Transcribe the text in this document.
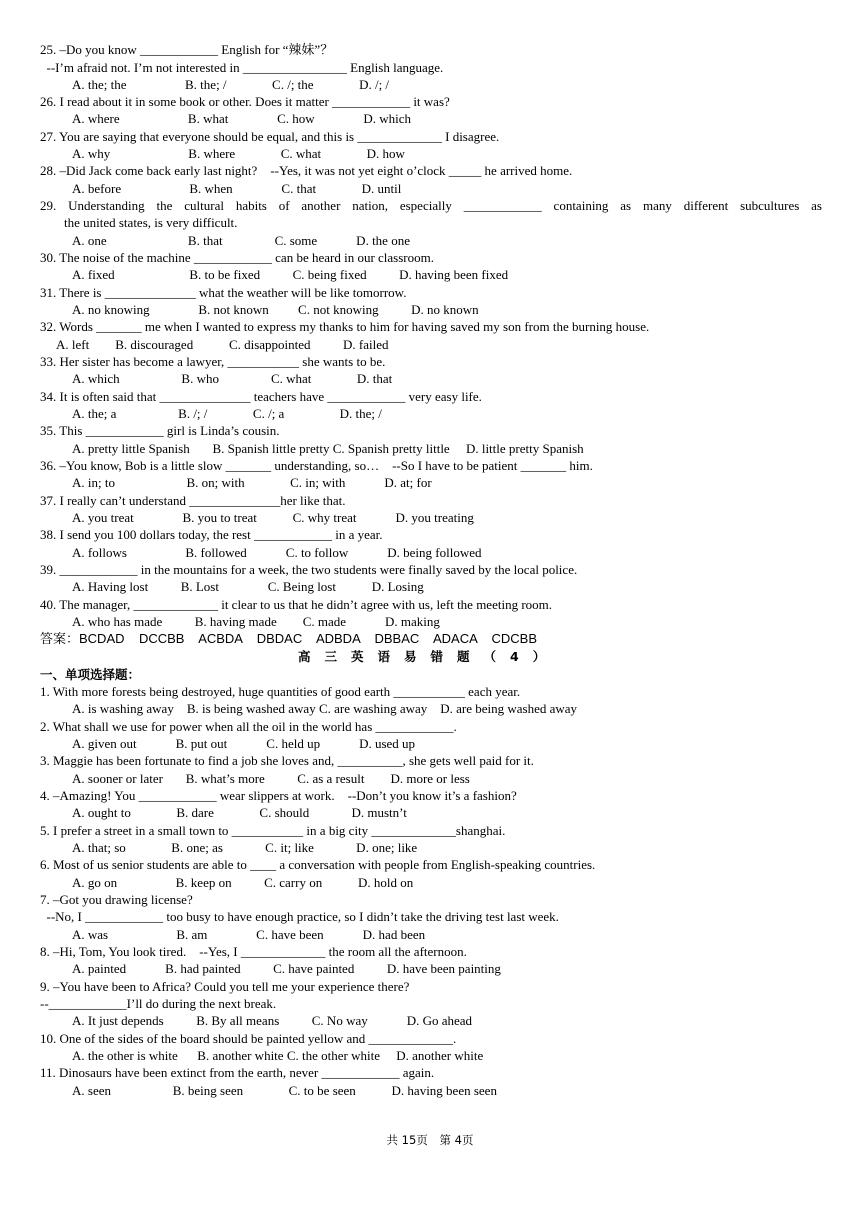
25. –Do you know ____________ English for “辣妹”？
--I’m afraid not. I’m not interested in ________________ English language.
A. the; the                  B. the; /              C. /; the              D. /; /
26. I read about it in some book or other. Does it matter ____________ it was?
A. where                     B. what               C. how               D. which
27. You are saying that everyone should be equal, and this is _____________ I disagree.
A. why                        B. where              C. what              D. how
28. –Did Jack come back early last night?    --Yes, it was not yet eight o’clock _____ he arrived home.
A. before                     B. when               C. that              D. until
29.  Understanding  the  cultural  habits  of  another  nation,  especially  ____________  containing  as  many  different  subcultures  as
the united states, is very difficult.
A. one                         B. that                C. some            D. the one
30. The noise of the machine ____________ can be heard in our classroom.
A. fixed                       B. to be fixed          C. being fixed          D. having been fixed
31. There is ______________ what the weather will be like tomorrow.
A. no knowing               B. not known         C. not knowing          D. no known
32. Words _______ me when I wanted to express my thanks to him for having saved my son from the burning house.
A. left        B. discouraged           C. disappointed          D. failed
33. Her sister has become a lawyer, ___________ she wants to be.
A. which                   B. who                C. what              D. that
34. It is often said that ______________ teachers have ____________ very easy life.
A. the; a                   B. /; /              C. /; a                 D. the; /
35. This ____________ girl is Linda’s cousin.
A. pretty little Spanish       B. Spanish little pretty C. Spanish pretty little     D. little pretty Spanish
36. –You know, Bob is a little slow _______ understanding, so…    --So I have to be patient _______ him.
A. in; to                      B. on; with              C. in; with            D. at; for
37. I really can’t understand ______________her like that.
A. you treat               B. you to treat           C. why treat            D. you treating
38. I send you 100 dollars today, the rest ____________ in a year.
A. follows                  B. followed            C. to follow            D. being followed
39. ____________ in the mountains for a week, the two students were finally saved by the local police.
A. Having lost          B. Lost               C. Being lost           D. Losing
40. The manager, _____________ it clear to us that he didn’t agree with us, left the meeting room.
A. who has made          B. having made        C. made            D. making
答案：BCDAD    DCCBB    ACBDA    DBDAC    ADBDA    DBBAC    ADACA    CDCBB
高三英语易错题（4）
一、单项选择题：
1. With more forests being destroyed, huge quantities of good earth ___________ each year.
A. is washing away    B. is being washed away C. are washing away    D. are being washed away
2. What shall we use for power when all the oil in the world has ____________.
A. given out            B. put out            C. held up            D. used up
3. Maggie has been fortunate to find a job she loves and, __________, she gets well paid for it.
A. sooner or later       B. what’s more          C. as a result        D. more or less
4. –Amazing! You ____________ wear slippers at work.    --Don’t you know it’s a fashion?
A. ought to              B. dare              C. should             D. mustn’t
5. I prefer a street in a small town to ___________ in a big city _____________shanghai.
A. that; so              B. one; as             C. it; like             D. one; like
6. Most of us senior students are able to ____ a conversation with people from English-speaking countries.
A. go on                  B. keep on          C. carry on           D. hold on
7. –Got you drawing license?
--No, I ____________ too busy to have enough practice, so I didn’t take the driving test last week.
A. was                     B. am               C. have been            D. had been
8. –Hi, Tom, You look tired.    --Yes, I _____________ the room all the afternoon.
A. painted            B. had painted          C. have painted          D. have been painting
9. –You have been to Africa? Could you tell me your experience there?
--____________I’ll do during the next break.
A. It just depends          B. By all means          C. No way            D. Go ahead
10. One of the sides of the board should be painted yellow and _____________.
A. the other is white      B. another white C. the other white     D. another white
11. Dinosaurs have been extinct from the earth, never ____________ again.
A. seen                   B. being seen              C. to be seen           D. having been seen
共 15页 第 4页
